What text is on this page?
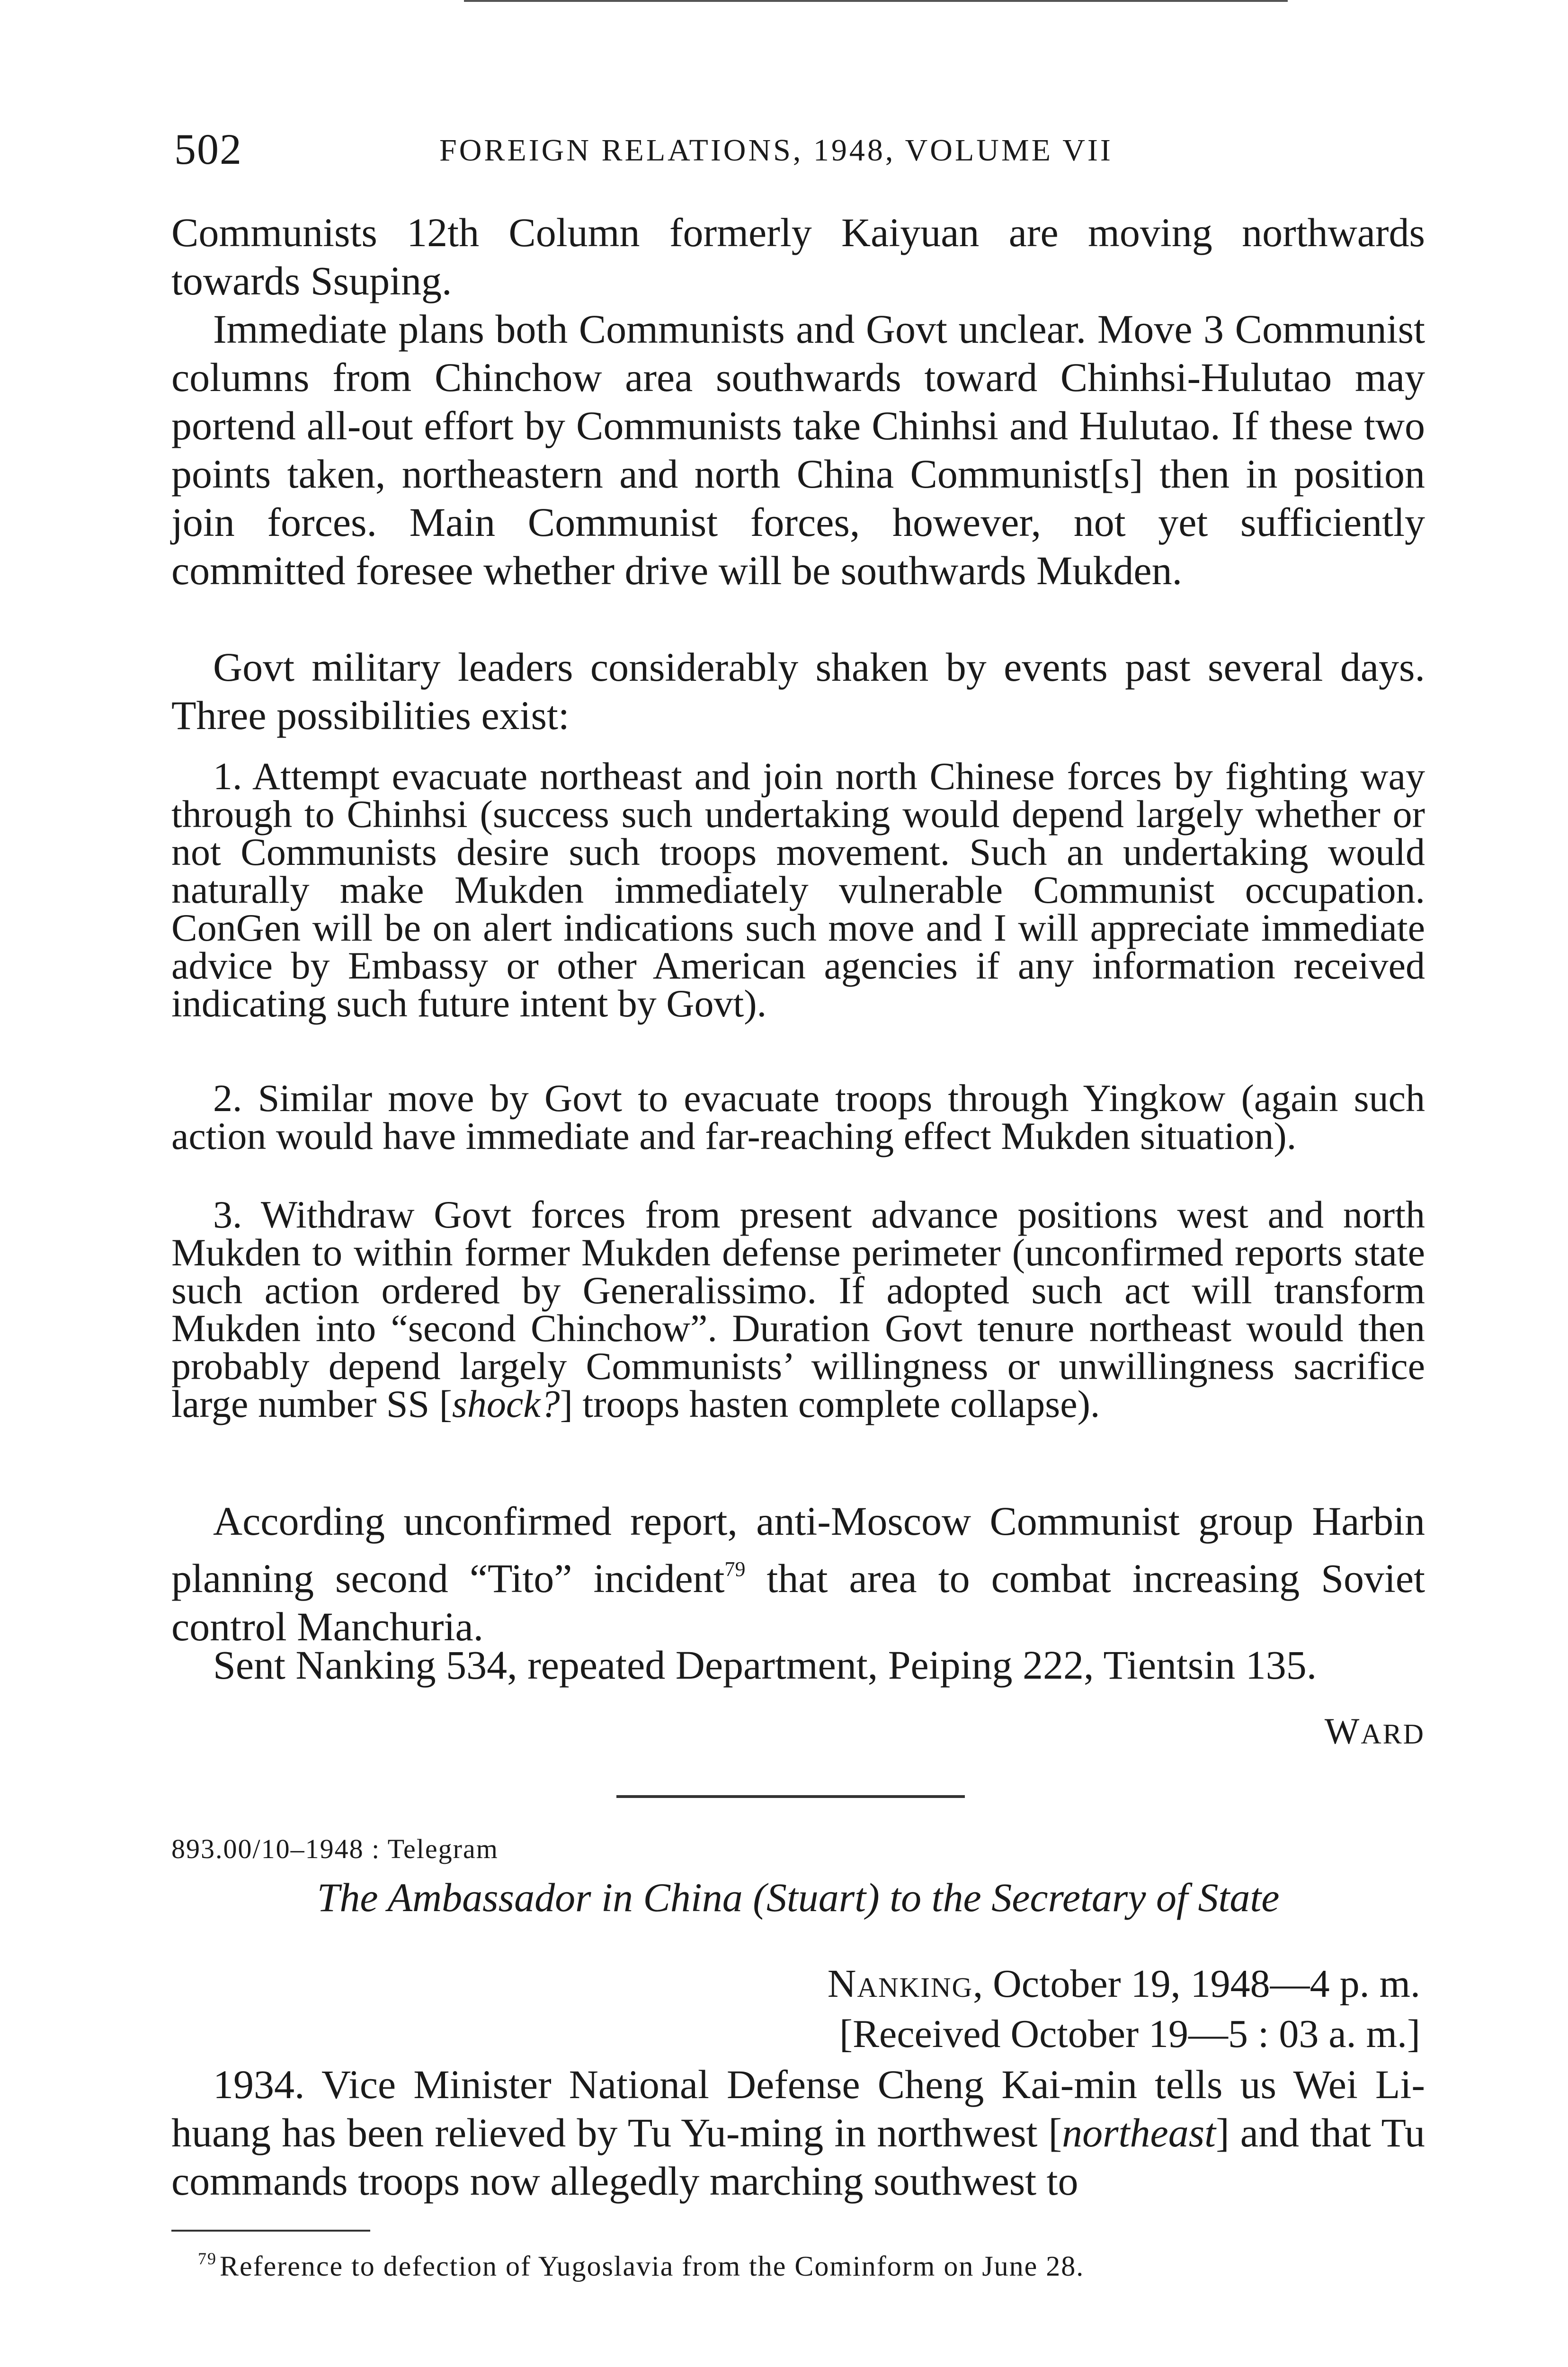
502	FOREIGN RELATIONS, 1948, VOLUME VII

Communists 12th Column formerly Kaiyuan are moving northwards towards Ssuping.

Immediate plans both Communists and Govt unclear. Move 3 Communist columns from Chinchow area southwards toward Chinhsi-Hulutao may portend all-out effort by Communists take Chinhsi and Hulutao. If these two points taken, northeastern and north China Communist[s] then in position join forces. Main Communist forces, however, not yet sufficiently committed foresee whether drive will be southwards Mukden.

Govt military leaders considerably shaken by events past several days. Three possibilities exist:

1. Attempt evacuate northeast and join north Chinese forces by fighting way through to Chinhsi (success such undertaking would depend largely whether or not Communists desire such troops movement. Such an undertaking would naturally make Mukden immediately vulnerable Communist occupation. ConGen will be on alert indications such move and I will appreciate immediate advice by Embassy or other American agencies if any information received indicating such future intent by Govt).

2. Similar move by Govt to evacuate troops through Yingkow (again such action would have immediate and far-reaching effect Mukden situation).

3. Withdraw Govt forces from present advance positions west and north Mukden to within former Mukden defense perimeter (unconfirmed reports state such action ordered by Generalissimo. If adopted such act will transform Mukden into “second Chinchow”. Duration Govt tenure northeast would then probably depend largely Communists’ willingness or unwillingness sacrifice large number SS [shock?] troops hasten complete collapse).

According unconfirmed report, anti-Moscow Communist group Harbin planning second “Tito” incident$^{79}$ that area to combat increasing Soviet control Manchuria.

Sent Nanking 534, repeated Department, Peiping 222, Tientsin 135.

WARD
893.00/10–1948 : Telegram
The Ambassador in China (Stuart) to the Secretary of State
Nanking, October 19, 1948—4 p. m.
[Received October 19—5 : 03 a. m.]

1934. Vice Minister National Defense Cheng Kai-min tells us Wei Li-huang has been relieved by Tu Yu-ming in northwest [northeast] and that Tu commands troops now allegedly marching southwest to

$^{79}$ Reference to defection of Yugoslavia from the Cominform on June 28.
